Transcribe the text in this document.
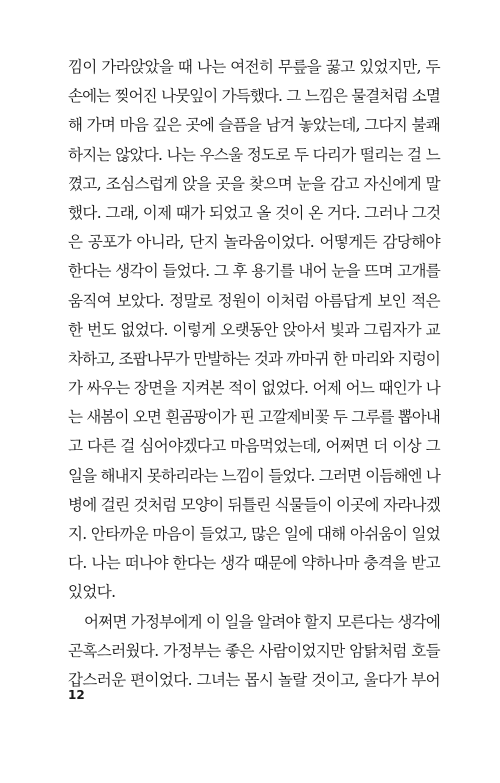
낌이 가라앉았을 때 나는 여전히 무릎을 꿇고 있었지만, 두
손에는 찢어진 나뭇잎이 가득했다. 그 느낌은 물결처럼 소멸
해 가며 마음 깊은 곳에 슬픔을 남겨 놓았는데, 그다지 불쾌
하지는 않았다. 나는 우스울 정도로 두 다리가 떨리는 걸 느
꼈고, 조심스럽게 앉을 곳을 찾으며 눈을 감고 자신에게 말
했다. 그래, 이제 때가 되었고 올 것이 온 거다. 그러나 그것
은 공포가 아니라, 단지 놀라움이었다. 어떻게든 감당해야
한다는 생각이 들었다. 그 후 용기를 내어 눈을 뜨며 고개를
움직여 보았다. 정말로 정원이 이처럼 아름답게 보인 적은
한 번도 없었다. 이렇게 오랫동안 앉아서 빛과 그림자가 교
차하고, 조팝나무가 만발하는 것과 까마귀 한 마리와 지렁이
가 싸우는 장면을 지켜본 적이 없었다. 어제 어느 때인가 나
는 새봄이 오면 흰곰팡이가 핀 고깔제비꽃 두 그루를 뽑아내
고 다른 걸 심어야겠다고 마음먹었는데, 어쩌면 더 이상 그
일을 해내지 못하리라는 느낌이 들었다. 그러면 이듬해엔 나
병에 걸린 것처럼 모양이 뒤틀린 식물들이 이곳에 자라나겠
지. 안타까운 마음이 들었고, 많은 일에 대해 아쉬움이 일었
다. 나는 떠나야 한다는 생각 때문에 약하나마 충격을 받고
있었다.
어쩌면 가정부에게 이 일을 알려야 할지 모른다는 생각에
곤혹스러웠다. 가정부는 좋은 사람이었지만 암탉처럼 호들
갑스러운 편이었다. 그녀는 몹시 놀랄 것이고, 울다가 부어
12
